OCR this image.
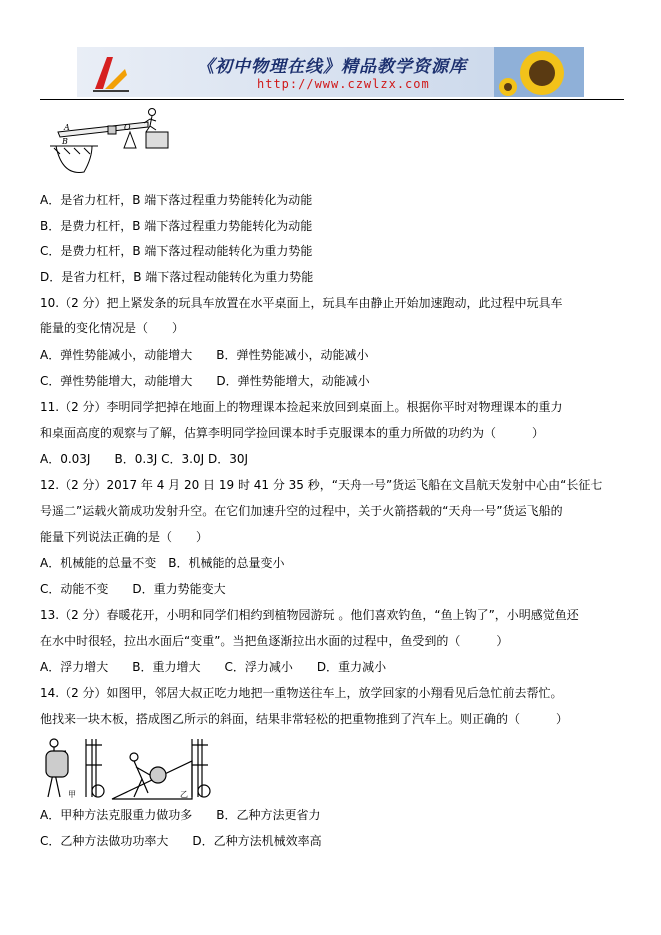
《初中物理在线》精品教学资源库
http://www.czwlzx.com
A
B
O
A．是省力杠杆，B 端下落过程重力势能转化为动能
B．是费力杠杆，B 端下落过程重力势能转化为动能
C．是费力杠杆，B 端下落过程动能转化为重力势能
D．是省力杠杆，B 端下落过程动能转化为重力势能
10.（2 分）把上紧发条的玩具车放置在水平桌面上，玩具车由静止开始加速跑动，此过程中玩具车
能量的变化情况是（　　）
A．弹性势能减小，动能增大　　B．弹性势能减小，动能减小
C．弹性势能增大，动能增大　　D．弹性势能增大，动能减小
11.（2 分）李明同学把掉在地面上的物理课本捡起来放回到桌面上。根据你平时对物理课本的重力
和桌面高度的观察与了解，估算李明同学捡回课本时手克服课本的重力所做的功约为（　　　）
A．0.03J　　B．0.3J C．3.0J D．30J
12.（2 分）2017 年 4 月 20 日 19 时 41 分 35 秒，“天舟一号”货运飞船在文昌航天发射中心由“长征七
号遥二”运载火箭成功发射升空。在它们加速升空的过程中，关于火箭搭载的“天舟一号”货运飞船的
能量下列说法正确的是（　　）
A．机械能的总量不变　B．机械能的总量变小
C．动能不变　　D．重力势能变大
13.（2 分）春暖花开，小明和同学们相约到植物园游玩 。他们喜欢钓鱼，“鱼上钩了”，小明感觉鱼还
在水中时很轻，拉出水面后“变重”。当把鱼逐渐拉出水面的过程中，鱼受到的（　　　）
A．浮力增大　　B．重力增大　　C．浮力减小　　D．重力减小
14.（2 分）如图甲，邻居大叔正吃力地把一重物送往车上，放学回家的小翔看见后急忙前去帮忙。
他找来一块木板，搭成图乙所示的斜面，结果非常轻松的把重物推到了汽车上。则正确的（　　　）
甲	乙
A．甲种方法克服重力做功多　　B．乙种方法更省力
C．乙种方法做功功率大　　D．乙种方法机械效率高
